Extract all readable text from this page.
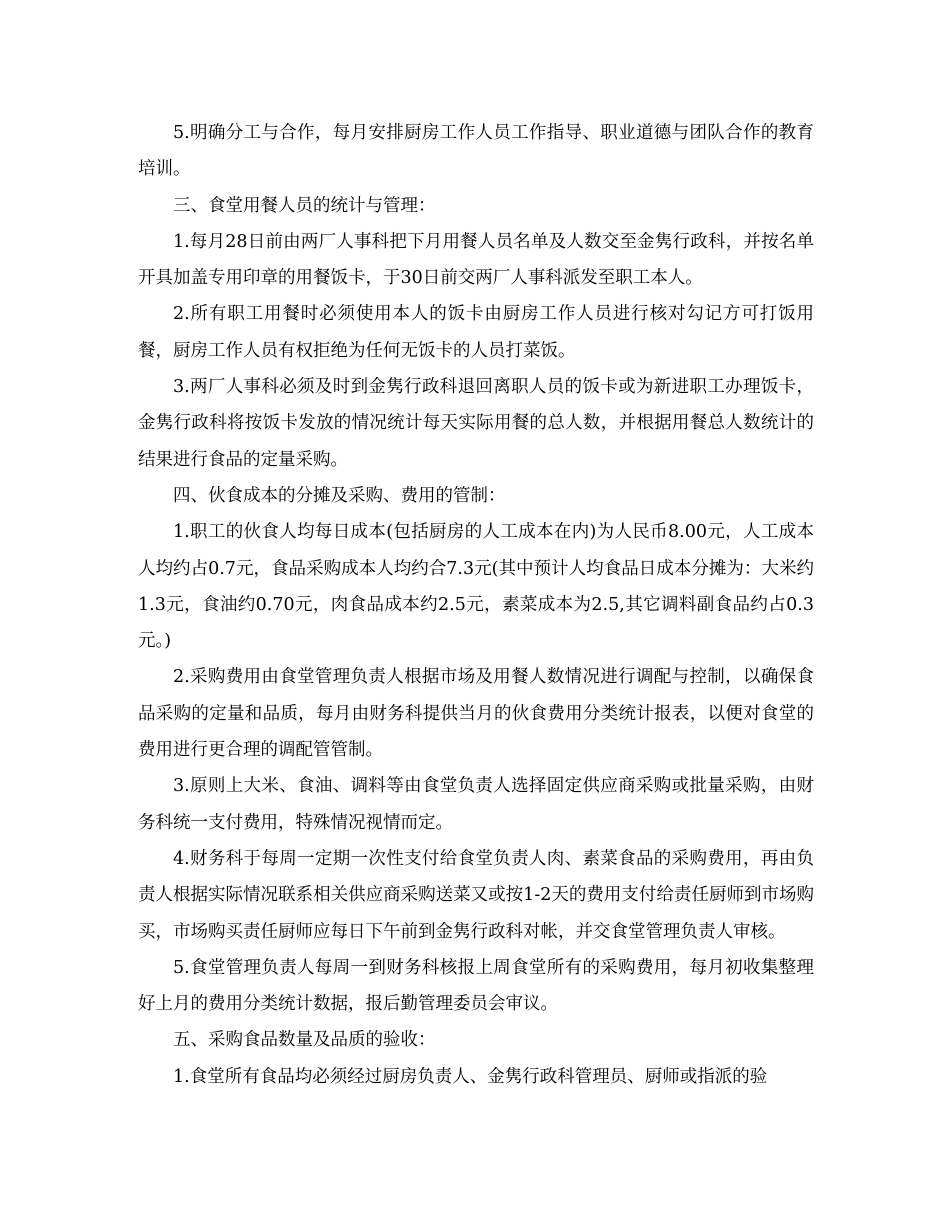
5.明确分工与合作，每月安排厨房工作人员工作指导、职业道德与团队合作的教育培训。

三、食堂用餐人员的统计与管理：

1.每月28日前由两厂人事科把下月用餐人员名单及人数交至金隽行政科，并按名单开具加盖专用印章的用餐饭卡，于30日前交两厂人事科派发至职工本人。

2.所有职工用餐时必须使用本人的饭卡由厨房工作人员进行核对勾记方可打饭用餐，厨房工作人员有权拒绝为任何无饭卡的人员打菜饭。

3.两厂人事科必须及时到金隽行政科退回离职人员的饭卡或为新进职工办理饭卡，金隽行政科将按饭卡发放的情况统计每天实际用餐的总人数，并根据用餐总人数统计的结果进行食品的定量采购。

四、伙食成本的分摊及采购、费用的管制：

1.职工的伙食人均每日成本(包括厨房的人工成本在内)为人民币8.00元，人工成本人均约占0.7元，食品采购成本人均约合7.3元(其中预计人均食品日成本分摊为：大米约1.3元，食油约0.70元，肉食品成本约2.5元，素菜成本为2.5,其它调料副食品约占0.3元。)

2.采购费用由食堂管理负责人根据市场及用餐人数情况进行调配与控制，以确保食品采购的定量和品质，每月由财务科提供当月的伙食费用分类统计报表，以便对食堂的费用进行更合理的调配管管制。

3.原则上大米、食油、调料等由食堂负责人选择固定供应商采购或批量采购，由财务科统一支付费用，特殊情况视情而定。

4.财务科于每周一定期一次性支付给食堂负责人肉、素菜食品的采购费用，再由负责人根据实际情况联系相关供应商采购送菜又或按1-2天的费用支付给责任厨师到市场购买，市场购买责任厨师应每日下午前到金隽行政科对帐，并交食堂管理负责人审核。

5.食堂管理负责人每周一到财务科核报上周食堂所有的采购费用，每月初收集整理好上月的费用分类统计数据，报后勤管理委员会审议。

五、采购食品数量及品质的验收：

1.食堂所有食品均必须经过厨房负责人、金隽行政科管理员、厨师或指派的验
